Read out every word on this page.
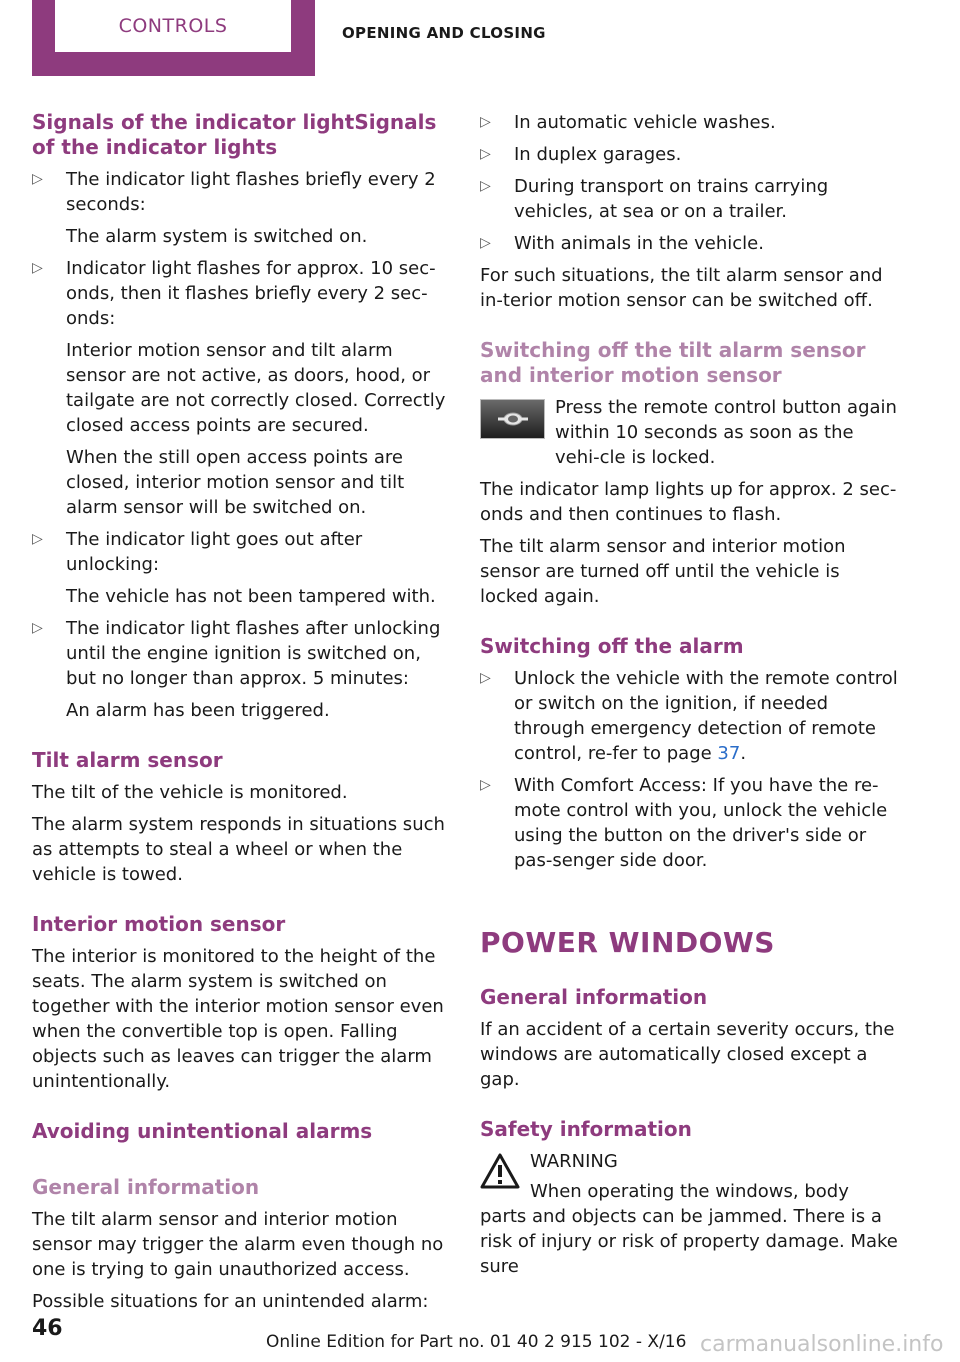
CONTROLS	OPENING AND CLOSING
Signals of the indicator lightSignals of the indicator lights
▷ The indicator light flashes briefly every 2 seconds:
The alarm system is switched on.
▷ Indicator light flashes for approx. 10 sec‐onds, then it flashes briefly every 2 sec‐onds:
Interior motion sensor and tilt alarm sensor are not active, as doors, hood, or tailgate are not correctly closed. Correctly closed access points are secured.
When the still open access points are closed, interior motion sensor and tilt alarm sensor will be switched on.
▷ The indicator light goes out after unlocking:
The vehicle has not been tampered with.
▷ The indicator light flashes after unlocking until the engine ignition is switched on, but no longer than approx. 5 minutes:
An alarm has been triggered.
Tilt alarm sensor

The tilt of the vehicle is monitored.

The alarm system responds in situations such as attempts to steal a wheel or when the vehicle is towed.

Interior motion sensor

The interior is monitored to the height of the seats. The alarm system is switched on together with the interior motion sensor even when the convertible top is open. Falling objects such as leaves can trigger the alarm unintentionally.

Avoiding unintentional alarms
General information

The tilt alarm sensor and interior motion sensor may trigger the alarm even though no one is trying to gain unauthorized access.

Possible situations for an unintended alarm:

▷ In automatic vehicle washes.
▷ In duplex garages.
▷ During transport on trains carrying vehicles, at sea or on a trailer.
▷ With animals in the vehicle.

For such situations, the tilt alarm sensor and in‐terior motion sensor can be switched off.

Switching off the tilt alarm sensor and interior motion sensor

Press the remote control button again within 10 seconds as soon as the vehi‐cle is locked.

The indicator lamp lights up for approx. 2 sec‐onds and then continues to flash.

The tilt alarm sensor and interior motion sensor are turned off until the vehicle is locked again.

Switching off the alarm
▷ Unlock the vehicle with the remote control or switch on the ignition, if needed through emergency detection of remote control, re‐fer to page 37.
▷ With Comfort Access: If you have the re‐mote control with you, unlock the vehicle using the button on the driver's side or pas‐senger side door.
POWER WINDOWS
General information

If an accident of a certain severity occurs, the windows are automatically closed except a gap.

Safety information

WARNING

When operating the windows, body parts and objects can be jammed. There is a risk of injury or risk of property damage. Make sure

46
Online Edition for Part no. 01 40 2 915 102 - X/16 carmanualsonline.info
